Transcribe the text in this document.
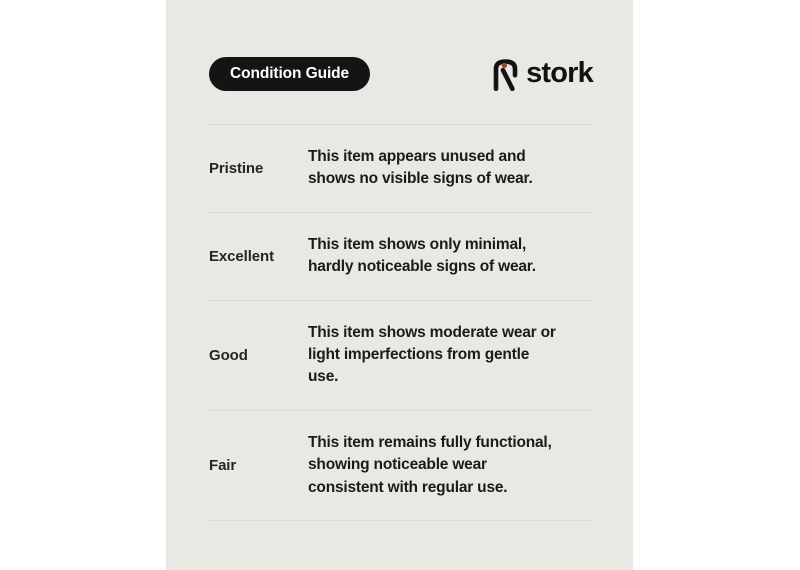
Condition Guide	stork
Pristine
This item appears unused and
shows no visible signs of wear.
Excellent
This item shows only minimal,
hardly noticeable signs of wear.
Good
This item shows moderate wear or
light imperfections from gentle
use.
Fair
This item remains fully functional,
showing noticeable wear
consistent with regular use.
